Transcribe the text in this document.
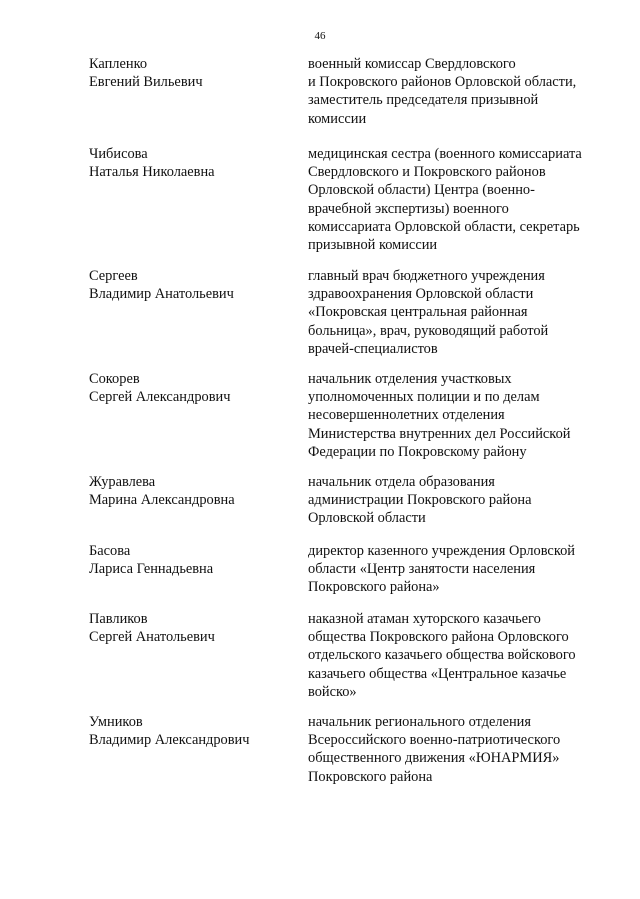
46
Капленко
Евгений Вильевич
военный комиссар Свердловского
и Покровского районов Орловской области,
заместитель председателя призывной
комиссии
Чибисова
Наталья Николаевна
медицинская сестра (военного комиссариата
Свердловского и Покровского районов
Орловской области) Центра (военно-
врачебной экспертизы) военного
комиссариата Орловской области, секретарь
призывной комиссии
Сергеев
Владимир Анатольевич
главный врач бюджетного учреждения
здравоохранения Орловской области
«Покровская центральная районная
больница», врач, руководящий работой
врачей-специалистов
Сокорев
Сергей Александрович
начальник отделения участковых
уполномоченных полиции и по делам
несовершеннолетних отделения
Министерства внутренних дел Российской
Федерации по Покровскому району
Журавлева
Марина Александровна
начальник отдела образования
администрации Покровского района
Орловской области
Басова
Лариса Геннадьевна
директор казенного учреждения Орловской
области «Центр занятости населения
Покровского района»
Павликов
Сергей Анатольевич
наказной атаман хуторского казачьего
общества Покровского района Орловского
отдельского казачьего общества войскового
казачьего общества «Центральное казачье
войско»
Умников
Владимир Александрович
начальник регионального отделения
Всероссийского военно-патриотического
общественного движения «ЮНАРМИЯ»
Покровского района
